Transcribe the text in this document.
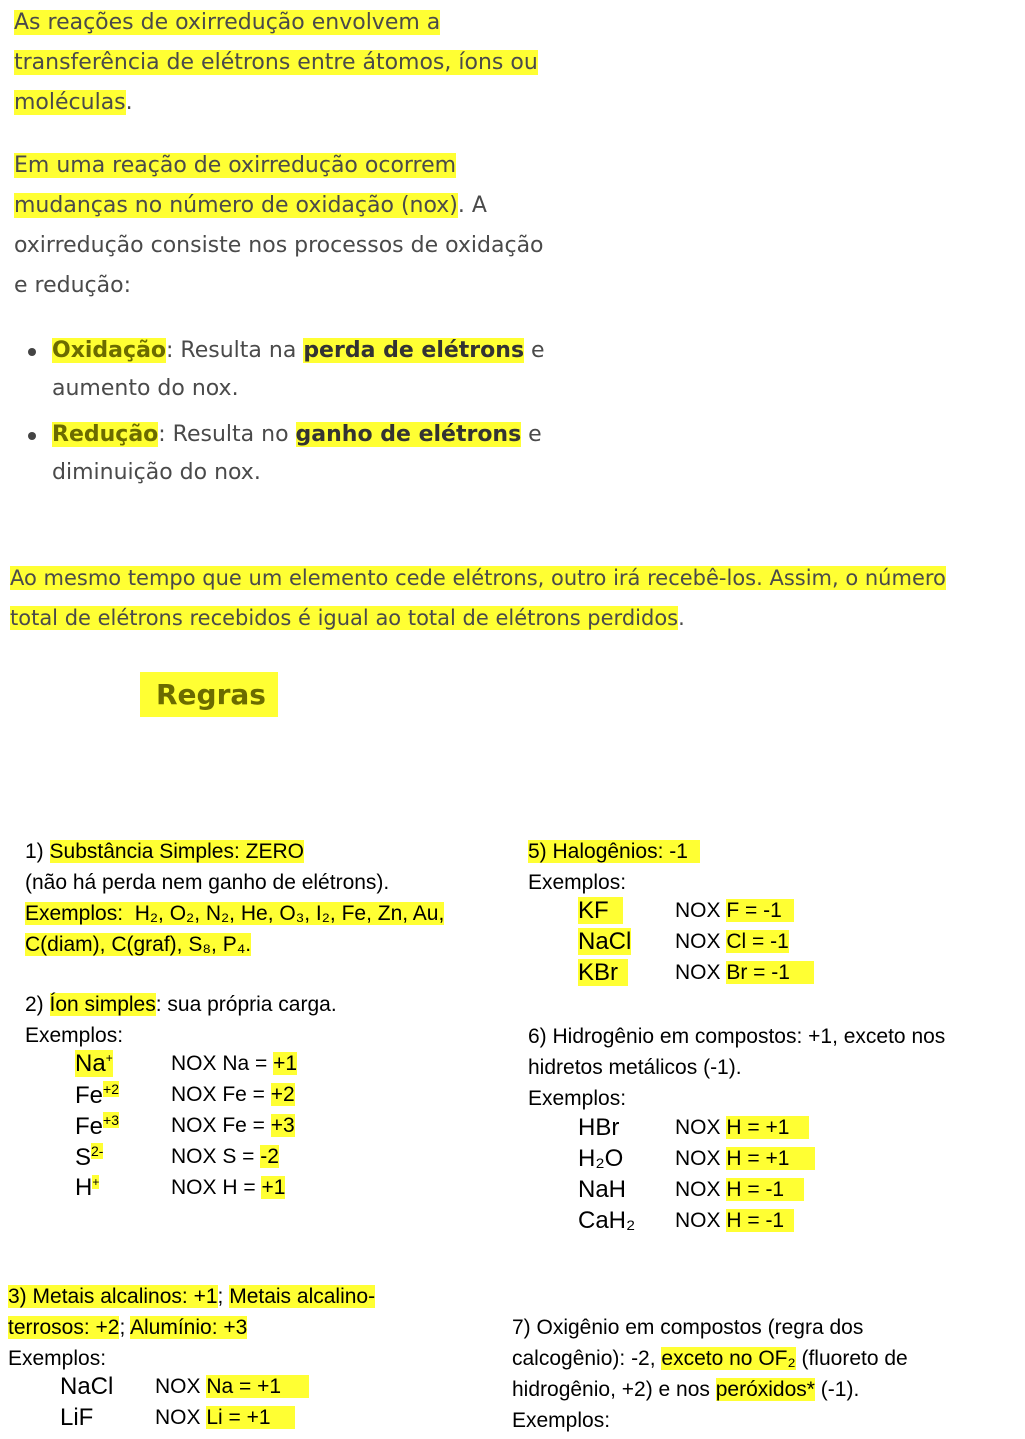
As reações de oxirredução envolvem a
transferência de elétrons entre átomos, íons ou
moléculas.
Em uma reação de oxirredução ocorrem
mudanças no número de oxidação (nox). A
oxirredução consiste nos processos de oxidação
e redução:
Oxidação: Resulta na perda de elétrons e
aumento do nox.
Redução: Resulta no ganho de elétrons e
diminuição do nox.
Ao mesmo tempo que um elemento cede elétrons, outro irá recebê-los. Assim, o número
total de elétrons recebidos é igual ao total de elétrons perdidos.
Regras
1) Substância Simples: ZERO
(não há perda nem ganho de elétrons).
Exemplos:  H₂, O₂, N₂, He, O₃, I₂, Fe, Zn, Au,
C(diam), C(graf), S₈, P₄.
2) Íon simples: sua própria carga.
Exemplos:
Na+	NOX Na = +1
$Fe^{+2}$ NOX Fe = +2
$Fe^{+3}$ NOX Fe = +3
$S^{2-}$	NOX S = -2
H+	NOX H = +1
3) Metais alcalinos: +1; Metais alcalino-
terrosos: +2; Alumínio: +3
Exemplos:
NaCl NOX Na = +1
LiF	NOX Li = +1
5) Halogênios: -1
Exemplos:
KF	NOX F = -1
NaCl NOX Cl = -1
KBr	NOX Br = -1
6) Hidrogênio em compostos: +1, exceto nos
hidretos metálicos (-1).
Exemplos:
HBr	NOX H = +1
H₂O NOX H = +1
NaH NOX H = -1
CaH₂ NOX H = -1
7) Oxigênio em compostos (regra dos
calcogênio): -2, exceto no OF₂ (fluoreto de
hidrogênio, +2) e nos peróxidos* (-1).
Exemplos:
